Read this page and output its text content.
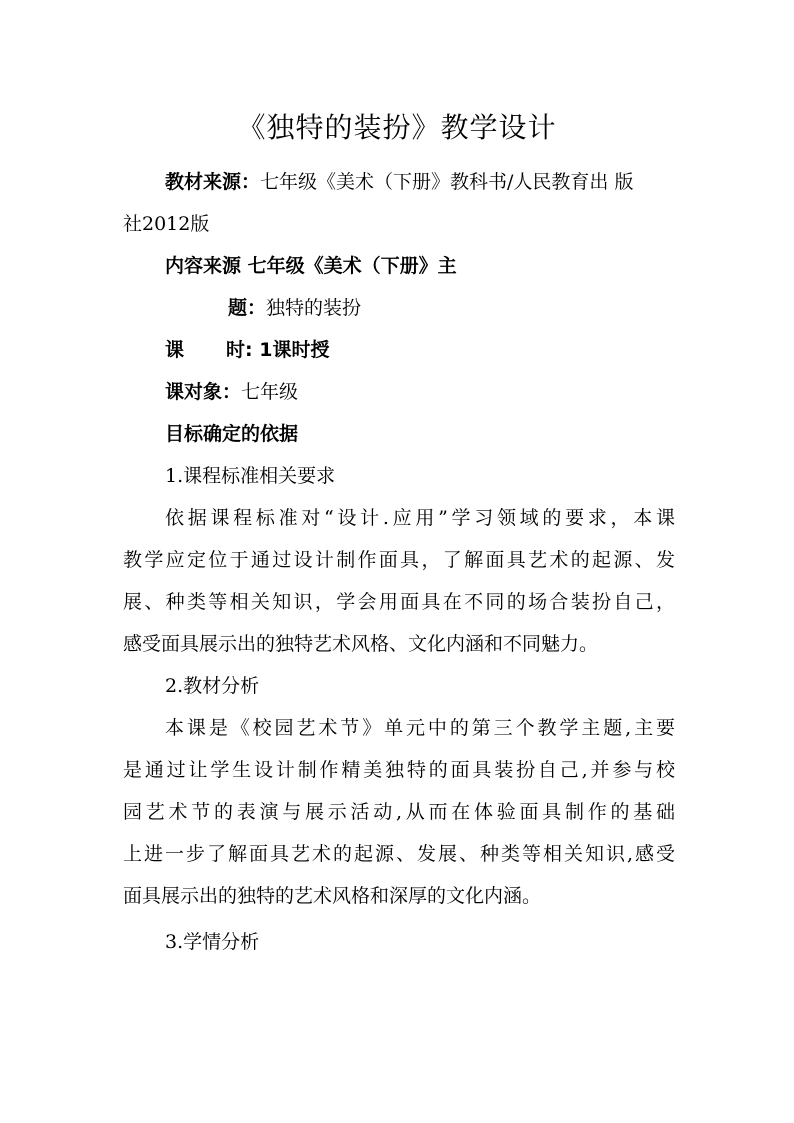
《独特的装扮》教学设计
教材来源：七年级《美术（下册》教科书/人民教育出 版
社2012版
内容来源 七年级《美术（下册》主
题：独特的装扮
课 时: 1课时授
课对象：七年级
目标确定的依据
1.课程标准相关要求
依据课程标准对“设计.应用”学习领域的要求，本课
教学应定位于通过设计制作面具，了解面具艺术的起源、发
展、种类等相关知识，学会用面具在不同的场合装扮自己，
感受面具展示出的独特艺术风格、文化内涵和不同魅力。
2.教材分析
本课是《校园艺术节》单元中的第三个教学主题,主要
是通过让学生设计制作精美独特的面具装扮自己,并参与校
园艺术节的表演与展示活动,从而在体验面具制作的基础
上进一步了解面具艺术的起源、发展、种类等相关知识,感受
面具展示出的独特的艺术风格和深厚的文化内涵。
3.学情分析
